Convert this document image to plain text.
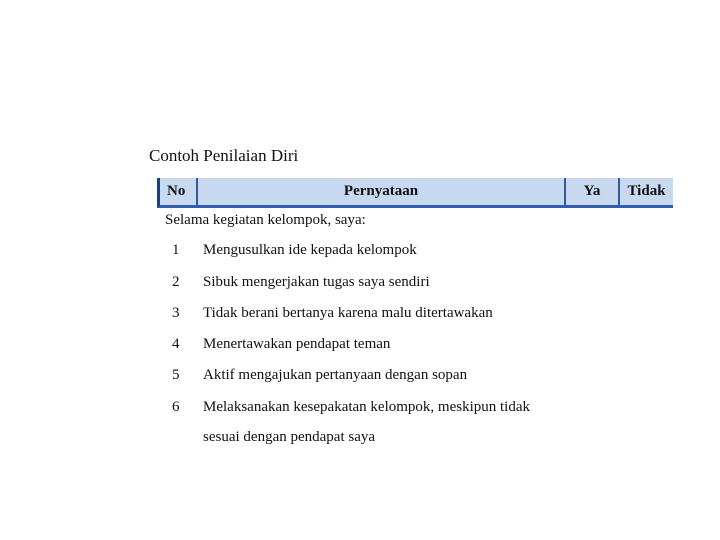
Contoh Penilaian Diri
No	Pernyataan	Ya	Tidak
Selama kegiatan kelompok, saya:
1 Mengusulkan ide kepada kelompok
2 Sibuk mengerjakan tugas saya sendiri
3 Tidak berani bertanya karena malu ditertawakan
4 Menertawakan pendapat teman
5 Aktif mengajukan pertanyaan dengan sopan
6 Melaksanakan kesepakatan kelompok, meskipun tidak
sesuai dengan pendapat saya
